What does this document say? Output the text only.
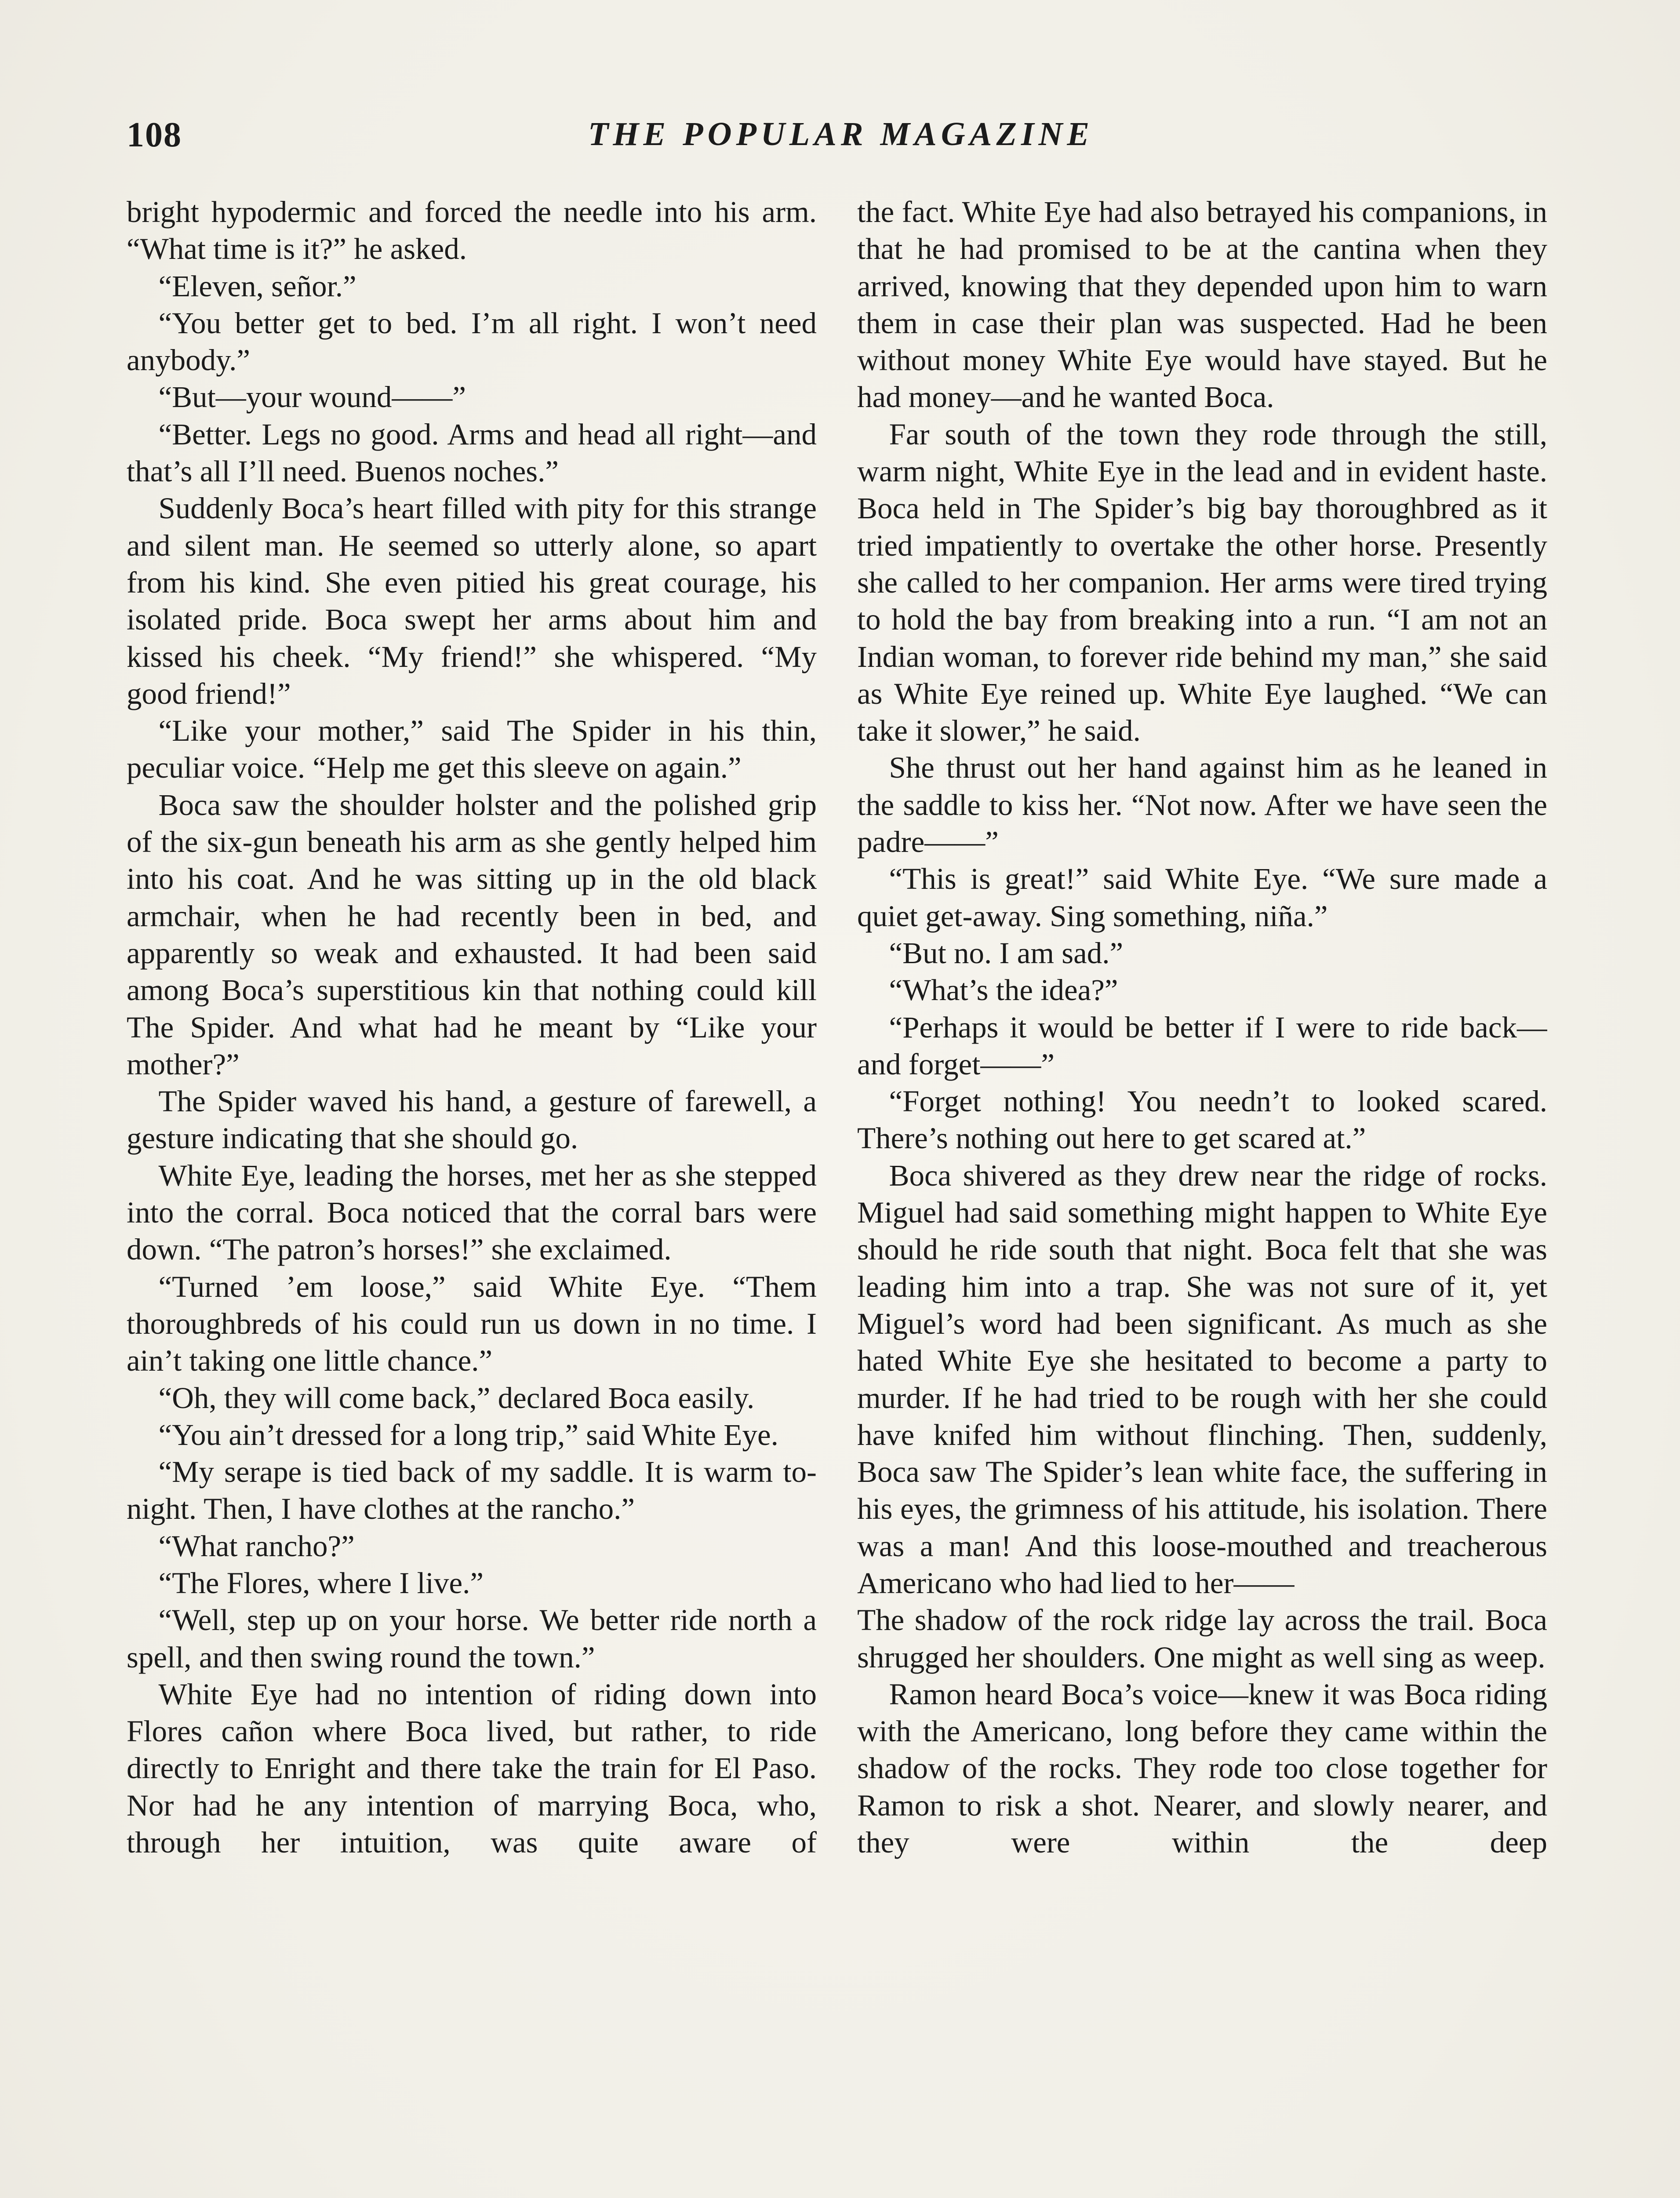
108	THE POPULAR MAGAZINE

bright hypodermic and forced the needle into his arm. “What time is it?” he asked.

“Eleven, señor.”

“You better get to bed. I’m all right. I won’t need anybody.”

“But—your wound——”

“Better. Legs no good. Arms and head all right—and that’s all I’ll need. Buenos noches.”

Suddenly Boca’s heart filled with pity for this strange and silent man. He seemed so utterly alone, so apart from his kind. She even pitied his great courage, his isolated pride. Boca swept her arms about him and kissed his cheek. “My friend!” she whispered. “My good friend!”

“Like your mother,” said The Spider in his thin, peculiar voice. “Help me get this sleeve on again.”

Boca saw the shoulder holster and the polished grip of the six-gun beneath his arm as she gently helped him into his coat. And he was sitting up in the old black armchair, when he had recently been in bed, and apparently so weak and exhausted. It had been said among Boca’s superstitious kin that nothing could kill The Spider. And what had he meant by “Like your mother?”

The Spider waved his hand, a gesture of farewell, a gesture indicating that she should go.

White Eye, leading the horses, met her as she stepped into the corral. Boca noticed that the corral bars were down. “The patron’s horses!” she exclaimed.

“Turned ’em loose,” said White Eye. “Them thoroughbreds of his could run us down in no time. I ain’t taking one little chance.”

“Oh, they will come back,” declared Boca easily.

“You ain’t dressed for a long trip,” said White Eye.

“My serape is tied back of my saddle. It is warm to-night. Then, I have clothes at the rancho.”

“What rancho?”

“The Flores, where I live.”

“Well, step up on your horse. We better ride north a spell, and then swing round the town.”

White Eye had no intention of riding down into Flores cañon where Boca lived, but rather, to ride directly to Enright and there take the train for El Paso. Nor had he any intention of marrying Boca, who, through her intuition, was quite aware of

the fact. White Eye had also betrayed his companions, in that he had promised to be at the cantina when they arrived, knowing that they depended upon him to warn them in case their plan was suspected. Had he been without money White Eye would have stayed. But he had money—and he wanted Boca.

Far south of the town they rode through the still, warm night, White Eye in the lead and in evident haste. Boca held in The Spider’s big bay thoroughbred as it tried impatiently to overtake the other horse. Presently she called to her companion. Her arms were tired trying to hold the bay from breaking into a run. “I am not an Indian woman, to forever ride behind my man,” she said as White Eye reined up. White Eye laughed. “We can take it slower,” he said.

She thrust out her hand against him as he leaned in the saddle to kiss her. “Not now. After we have seen the padre——”

“This is great!” said White Eye. “We sure made a quiet get-away. Sing something, niña.”

“But no. I am sad.”

“What’s the idea?”

“Perhaps it would be better if I were to ride back—and forget——”

“Forget nothing! You needn’t to looked scared. There’s nothing out here to get scared at.”

Boca shivered as they drew near the ridge of rocks. Miguel had said something might happen to White Eye should he ride south that night. Boca felt that she was leading him into a trap. She was not sure of it, yet Miguel’s word had been significant. As much as she hated White Eye she hesitated to become a party to murder. If he had tried to be rough with her she could have knifed him without flinching. Then, suddenly, Boca saw The Spider’s lean white face, the suffering in his eyes, the grimness of his attitude, his isolation. There was a man! And this loose-mouthed and treacherous Americano who had lied to her——

The shadow of the rock ridge lay across the trail. Boca shrugged her shoulders. One might as well sing as weep.

Ramon heard Boca’s voice—knew it was Boca riding with the Americano, long before they came within the shadow of the rocks. They rode too close together for Ramon to risk a shot. Nearer, and slowly nearer, and they were within the deep
